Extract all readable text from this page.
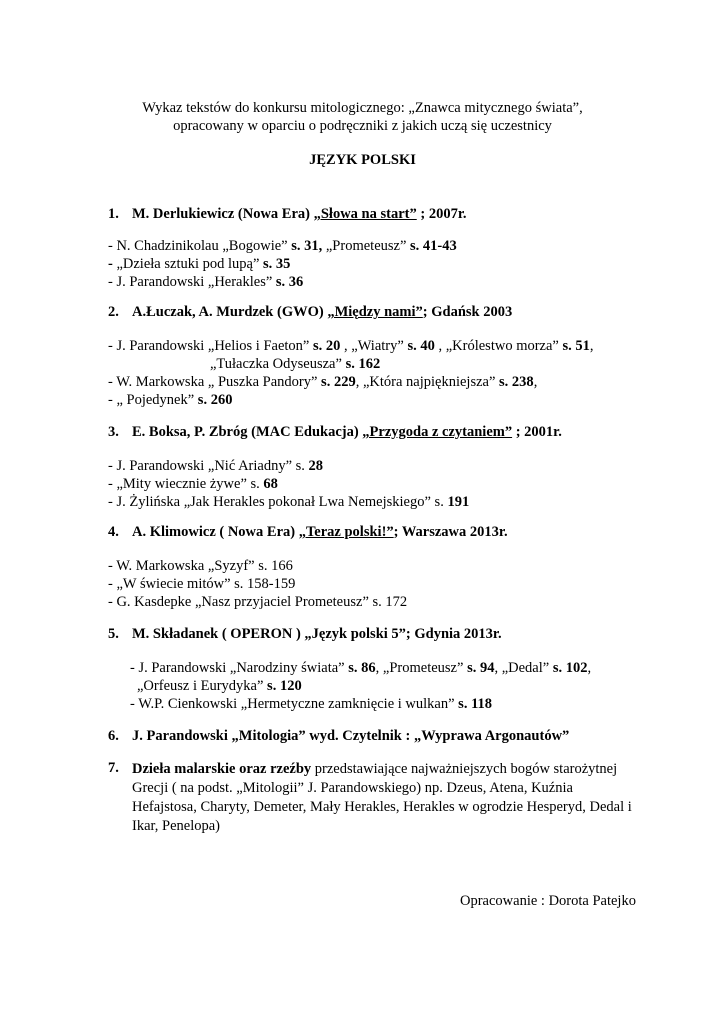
Wykaz tekstów do konkursu mitologicznego: „Znawca mitycznego świata”,
opracowany w oparciu o podręczniki z jakich uczą się uczestnicy
JĘZYK POLSKI
1. M. Derlukiewicz (Nowa Era) „Słowa na start” ; 2007r.
- N. Chadzinikolau „Bogowie” s. 31, „Prometeusz” s. 41-43
- „Dzieła sztuki pod lupą” s. 35
- J. Parandowski „Herakles” s. 36
2. A.Łuczak, A. Murdzek (GWO) „Między nami”; Gdańsk 2003
- J. Parandowski „Helios i Faeton” s. 20 , „Wiatry” s. 40 , „Królestwo morza” s. 51,
„Tułaczka Odyseusza” s. 162
- W. Markowska „ Puszka Pandory” s. 229, „Która najpiękniejsza” s. 238,
- „ Pojedynek” s. 260
3. E. Boksa, P. Zbróg (MAC Edukacja) „Przygoda z czytaniem” ; 2001r.
- J. Parandowski „Nić Ariadny” s. 28
- „Mity wiecznie żywe” s. 68
- J. Żylińska „Jak Herakles pokonał Lwa Nemejskiego” s. 191
4. A. Klimowicz ( Nowa Era) „Teraz polski!”; Warszawa 2013r.
- W. Markowska „Syzyf” s. 166
- „W świecie mitów” s. 158-159
- G. Kasdepke „Nasz przyjaciel Prometeusz” s. 172
5. M. Składanek ( OPERON ) „Język polski 5”; Gdynia 2013r.
- J. Parandowski „Narodziny świata” s. 86, „Prometeusz” s. 94, „Dedal” s. 102,
„Orfeusz i Eurydyka” s. 120
- W.P. Cienkowski „Hermetyczne zamknięcie i wulkan” s. 118
6. J. Parandowski „Mitologia” wyd. Czytelnik : „Wyprawa Argonautów”
7. Dzieła malarskie oraz rzeźby przedstawiające najważniejszych bogów starożytnej Grecji ( na podst. „Mitologii” J. Parandowskiego) np. Dzeus, Atena, Kuźnia Hefajstosa, Charyty, Demeter, Mały Herakles, Herakles w ogrodzie Hesperyd, Dedal i Ikar, Penelopa)
Opracowanie : Dorota Patejko
